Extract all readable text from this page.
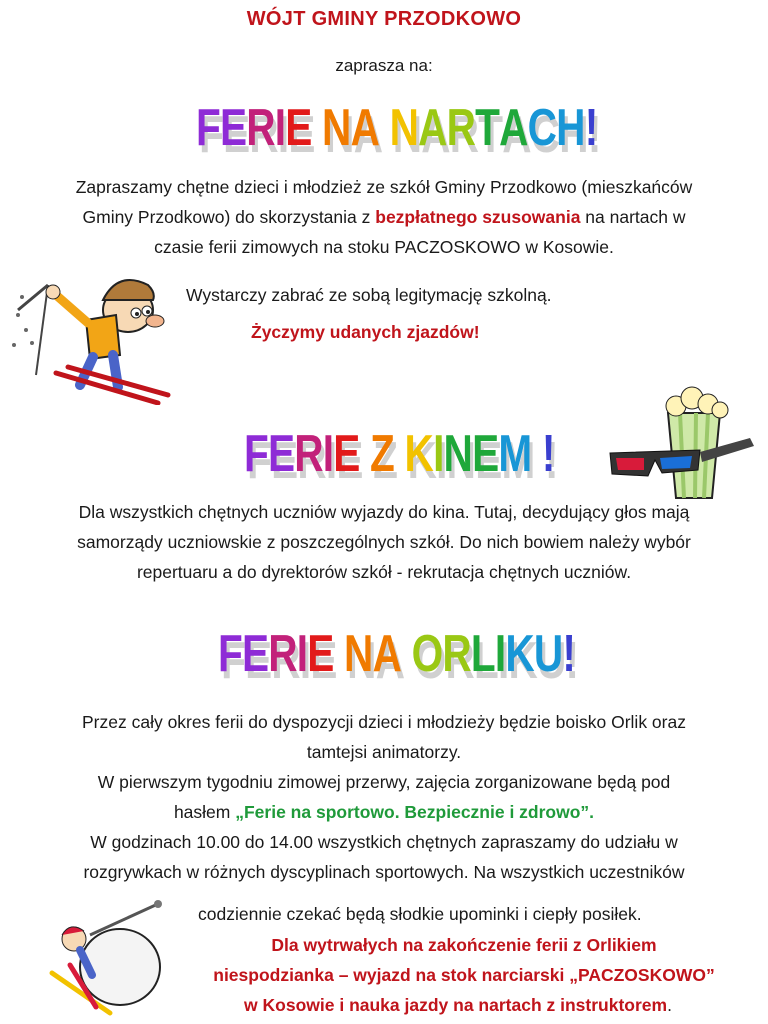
WÓJT GMINY PRZODKOWO
zaprasza na:
FERIE NA NARTACH!
Zapraszamy chętne dzieci i młodzież ze szkół Gminy Przodkowo (mieszkańców
Gminy Przodkowo) do skorzystania z bezpłatnego szusowania na nartach w
czasie ferii zimowych na stoku PACZOSKOWO w Kosowie.
Wystarczy zabrać ze sobą legitymację szkolną.
Życzymy udanych zjazdów!
FERIE Z KINEM !
Dla wszystkich chętnych uczniów wyjazdy do kina. Tutaj, decydujący głos mają
samorządy uczniowskie z poszczególnych szkół. Do nich bowiem należy wybór
repertuaru a do dyrektorów szkół - rekrutacja chętnych uczniów.
FERIE NA ORLIKU!
Przez cały okres ferii do dyspozycji dzieci i młodzieży będzie boisko Orlik oraz
tamtejsi animatorzy.
W pierwszym tygodniu zimowej przerwy, zajęcia zorganizowane będą pod
hasłem „Ferie na sportowo. Bezpiecznie i zdrowo”.
W godzinach 10.00 do 14.00 wszystkich chętnych zapraszamy do udziału w
rozgrywkach w różnych dyscyplinach sportowych. Na wszystkich uczestników
codziennie czekać będą słodkie upominki i ciepły posiłek.
Dla wytrwałych na zakończenie ferii z Orlikiem
niespodzianka – wyjazd na stok narciarski „PACZOSKOWO”
w Kosowie i nauka jazdy na nartach z instruktorem.
